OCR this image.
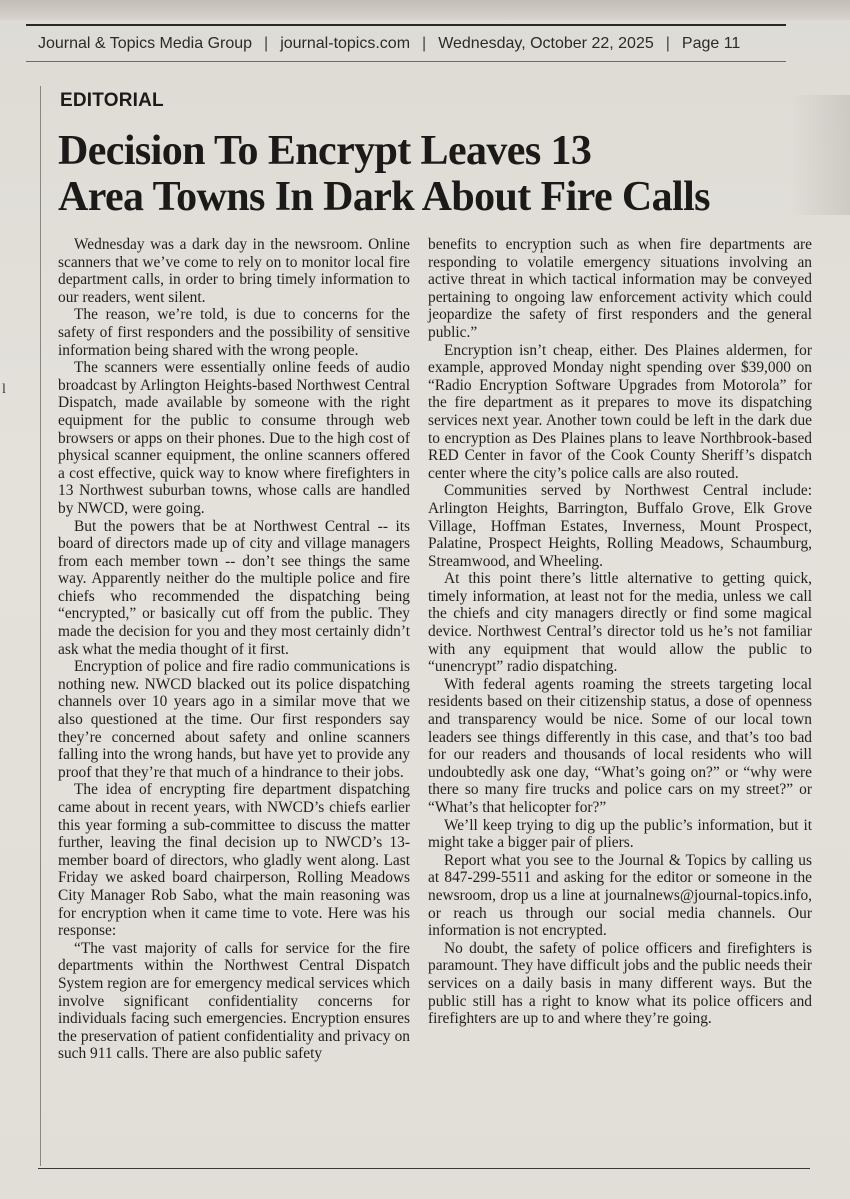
Journal & Topics Media Group | journal-topics.com | Wednesday, October 22, 2025 | Page 11
l
EDITORIAL
Decision To Encrypt Leaves 13
Area Towns In Dark About Fire Calls

Wednesday was a dark day in the newsroom. Online scanners that we’ve come to rely on to monitor local fire department calls, in order to bring timely information to our readers, went silent.

The reason, we’re told, is due to concerns for the safety of first responders and the possibility of sensitive information being shared with the wrong people.

The scanners were essentially online feeds of audio broadcast by Arlington Heights-based Northwest Central Dispatch, made available by someone with the right equipment for the public to consume through web browsers or apps on their phones. Due to the high cost of physical scanner equipment, the online scanners offered a cost effective, quick way to know where firefighters in 13 Northwest suburban towns, whose calls are handled by NWCD, were going.

But the powers that be at Northwest Central -- its board of directors made up of city and village managers from each member town -- don’t see things the same way. Apparently neither do the multiple police and fire chiefs who recommended the dispatching being “encrypted,” or basically cut off from the public. They made the decision for you and they most certainly didn’t ask what the media thought of it first.

Encryption of police and fire radio communications is nothing new. NWCD blacked out its police dispatching channels over 10 years ago in a similar move that we also questioned at the time. Our first responders say they’re concerned about safety and online scanners falling into the wrong hands, but have yet to provide any proof that they’re that much of a hindrance to their jobs.

The idea of encrypting fire department dispatching came about in recent years, with NWCD’s chiefs earlier this year forming a sub-committee to discuss the matter further, leaving the final decision up to NWCD’s 13-member board of directors, who gladly went along. Last Friday we asked board chairperson, Rolling Meadows City Manager Rob Sabo, what the main reasoning was for encryption when it came time to vote. Here was his response:

“The vast majority of calls for service for the fire departments within the Northwest Central Dispatch System region are for emergency medical services which involve significant confidentiality concerns for individuals facing such emergencies. Encryption ensures the preservation of patient confidentiality and privacy on such 911 calls. There are also public safety

benefits to encryption such as when fire departments are responding to volatile emergency situations involving an active threat in which tactical information may be conveyed pertaining to ongoing law enforcement activity which could jeopardize the safety of first responders and the general public.”

Encryption isn’t cheap, either. Des Plaines aldermen, for example, approved Monday night spending over $39,000 on “Radio Encryption Software Upgrades from Motorola” for the fire department as it prepares to move its dispatching services next year. Another town could be left in the dark due to encryption as Des Plaines plans to leave Northbrook-based RED Center in favor of the Cook County Sheriff’s dispatch center where the city’s police calls are also routed.

Communities served by Northwest Central include: Arlington Heights, Barrington, Buffalo Grove, Elk Grove Village, Hoffman Estates, Inverness, Mount Prospect, Palatine, Prospect Heights, Rolling Meadows, Schaumburg, Streamwood, and Wheeling.

At this point there’s little alternative to getting quick, timely information, at least not for the media, unless we call the chiefs and city managers directly or find some magical device. Northwest Central’s director told us he’s not familiar with any equipment that would allow the public to “unencrypt” radio dispatching.

With federal agents roaming the streets targeting local residents based on their citizenship status, a dose of openness and transparency would be nice. Some of our local town leaders see things differently in this case, and that’s too bad for our readers and thousands of local residents who will undoubtedly ask one day, “What’s going on?” or “why were there so many fire trucks and police cars on my street?” or “What’s that helicopter for?”

We’ll keep trying to dig up the public’s information, but it might take a bigger pair of pliers.

Report what you see to the Journal & Topics by calling us at 847-299-5511 and asking for the editor or someone in the newsroom, drop us a line at journalnews@journal-topics.info, or reach us through our social media channels. Our information is not encrypted.

No doubt, the safety of police officers and firefighters is paramount. They have difficult jobs and the public needs their services on a daily basis in many different ways. But the public still has a right to know what its police officers and firefighters are up to and where they’re going.
